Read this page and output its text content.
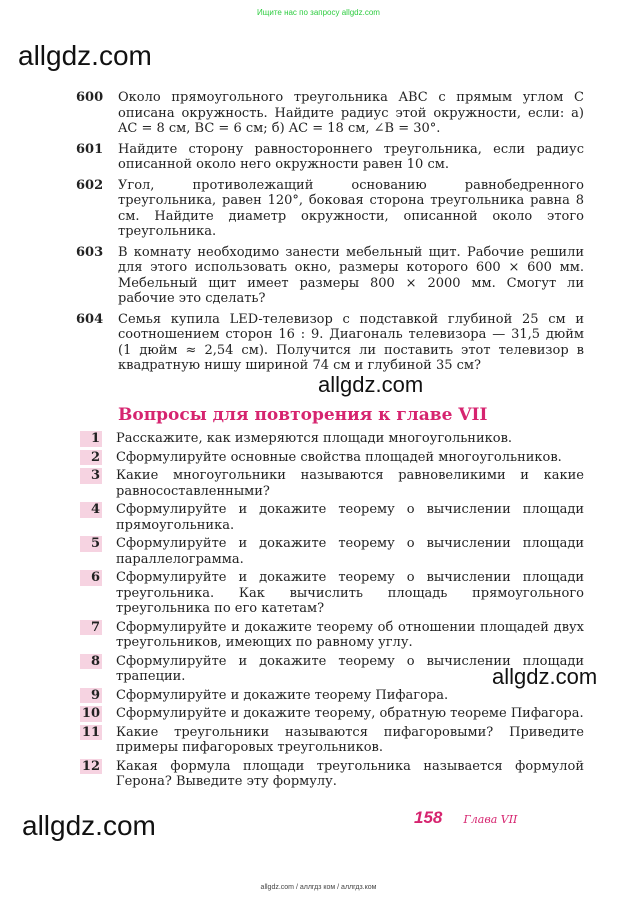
Ищите нас по запросу allgdz.com
allgdz.com
allgdz.com
allgdz.com
allgdz.com
600	Около прямоугольного треугольника ABC с прямым углом C описана окружность. Найдите радиус этой окружности, если: а) AC = 8 см, BC = 6 см; б) AC = 18 см, ∠B = 30°.
601	Найдите сторону равностороннего треугольника, если радиус описанной около него окружности равен 10 см.
602	Угол, противолежащий основанию равнобедренного треугольника, равен 120°, боковая сторона треугольника равна 8 см. Найдите диаметр окружности, описанной около этого треугольника.
603	В комнату необходимо занести мебельный щит. Рабочие решили для этого использовать окно, размеры которого 600 × 600 мм. Мебельный щит имеет размеры 800 × 2000 мм. Смогут ли рабочие это сделать?
604	Семья купила LED-телевизор с подставкой глубиной 25 см и соотношением сторон 16 : 9. Диагональ телевизора — 31,5 дюйм (1 дюйм ≈ 2,54 см). Получится ли поставить этот телевизор в квадратную нишу шириной 74 см и глубиной 35 см?
Вопросы для повторения к главе VII
1 Расскажите, как измеряются площади многоугольников.
2 Сформулируйте основные свойства площадей многоугольников.
3 Какие многоугольники называются равновеликими и какие равносоставленными?
4 Сформулируйте и докажите теорему о вычислении площади прямоугольника.
5 Сформулируйте и докажите теорему о вычислении площади параллелограмма.
6 Сформулируйте и докажите теорему о вычислении площади треугольника. Как вычислить площадь прямоугольного треугольника по его катетам?
7 Сформулируйте и докажите теорему об отношении площадей двух треугольников, имеющих по равному углу.
8 Сформулируйте и докажите теорему о вычислении площади трапеции.
9 Сформулируйте и докажите теорему Пифагора.
10 Сформулируйте и докажите теорему, обратную теореме Пифагора.
11 Какие треугольники называются пифагоровыми? Приведите примеры пифагоровых треугольников.
12 Какая формула площади треугольника называется формулой Герона? Выведите эту формулу.
158 Глава VII
allgdz.com / аллгдз ком / аллгдз.ком
